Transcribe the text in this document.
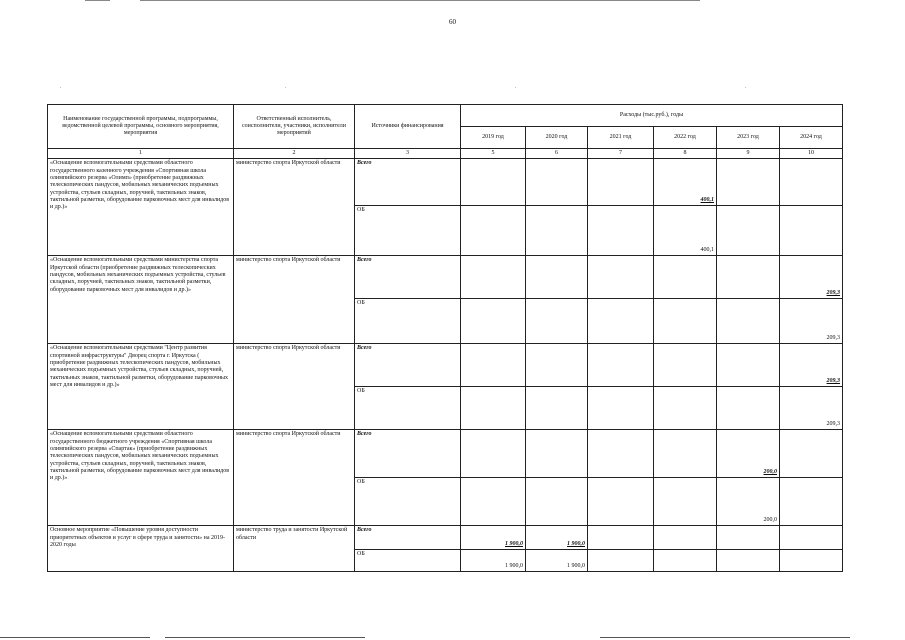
60
.	.	.	.
Наименование государственной программы, подпрограммы, ведомственной целевой программы, основного мероприятия, мероприятия	Ответственный исполнитель, соисполнители, участники, исполнители мероприятий	Источники финансирования	Расходы (тыс.руб.), годы					
			2019 год	2020 год	2021 год	2022 год	2023 год	2024 год
1	2	3	5	6	7	8	9	10
«Оснащение вспомогательными средствами областного государственного казенного учреждения «Спортивная школа олимпийского резерва «Олимп» (приобретение раздвижных телескопических пандусов, мобильных механических подъемных устройства, стульев складных, поручней, тактильных знаков, тактильной разметки, оборудование парковочных мест для инвалидов и др.)»	министерство спорта Иркутской области	Всего				400,1		
		ОБ				400,1		
«Оснащение вспомогательными средствами министерства спорта Иркутской области (приобретение раздвижных телескопических пандусов, мобильных механических подъемных устройства, стульев складных, поручней, тактильных знаков, тактильной разметки, оборудование парковочных мест для инвалидов и др.)»	министерство спорта Иркутской области	Всего						209,3
		ОБ						209,3
«Оснащение вспомогательными средствами "Центр развития спортивной инфраструктуры" Дворец спорта г. Иркутска ( приобретение раздвижных телескопических пандусов, мобильных механических подъемных устройства, стульев складных, поручней, тактильных знаков, тактильной разметки, оборудование парковочных мест для инвалидов и др.)»	министерство спорта Иркутской области	Всего						209,3
		ОБ						209,3
«Оснащение вспомогательными средствами областного государственного бюджетного учреждения «Спортивная школа олимпийского резерва «Спартак» (приобретение раздвижных телескопических пандусов, мобильных механических подъемных устройства, стульев складных, поручней, тактильных знаков, тактильной разметки, оборудование парковочных мест для инвалидов и др.)»	министерство спорта Иркутской области	Всего					200,0	
		ОБ					200,0	
Основное мероприятие «Повышение уровня доступности приоритетных объектов и услуг в сфере труда и занятости» на 2019-2020 годы	министерство труда и занятости Иркутской области	Всего	1 900,0	1 900,0				
		ОБ	1 900,0	1 900,0				
